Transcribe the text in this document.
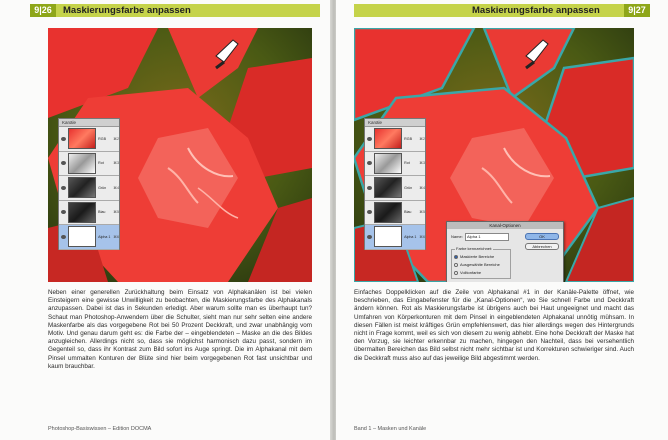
9|26	Maskierungsfarbe anpassen
Kanäle
RGB	⌘2
Rot	⌘3
Grün	⌘4
Blau	⌘5
Alpha 1 ⌘6
Neben einer generellen Zurückhaltung beim Einsatz von Alphakanälen ist bei vielen Einsteigern eine gewisse Unwilligkeit zu beobachten, die Maskierungsfarbe des Alphakanals anzupassen. Dabei ist das in Sekunden erledigt. Aber warum sollte man es überhaupt tun? Schaut man Photoshop-Anwendern über die Schulter, sieht man nur sehr selten eine andere Maskenfarbe als das vorgegebene Rot bei 50 Prozent Deckkraft, und zwar unabhängig vom Motiv. Und genau darum geht es: die Farbe der – eingeblendeten – Maske an die des Bildes anzugleichen. Allerdings nicht so, dass sie möglichst harmonisch dazu passt, sondern im Gegenteil so, dass ihr Kontrast zum Bild sofort ins Auge springt. Die im Alphakanal mit dem Pinsel ummalten Konturen der Blüte sind hier beim vorgegebenen Rot fast unsichtbar und kaum brauchbar.
Photoshop-Basiswissen – Edition DOCMA
Maskierungsfarbe anpassen	9|27
Kanäle
RGB	⌘2
Rot	⌘3
Grün	⌘4
Blau	⌘5
Alpha 1 ⌘6
Kanal-Optionen
Name:	Alpha 1	OK
Abbrechen
Farbe kennzeichnet:
Maskierte Bereiche
Ausgewählte Bereiche
Volltonfarbe
Einfaches Doppelklicken auf die Zeile von Alphakanal #1 in der Kanäle-Palette öffnet, wie beschrieben, das Eingabefenster für die „Kanal-Optionen“, wo Sie schnell Farbe und Deckkraft ändern können. Rot als Maskierungsfarbe ist übrigens auch bei Haut ungeeignet und macht das Umfahren von Körperkonturen mit dem Pinsel in eingeblendeten Alphakanal unnötig mühsam. In diesen Fällen ist meist kräftiges Grün empfehlenswert, das hier allerdings wegen des Hintergrunds nicht in Frage kommt, weil es sich von diesem zu wenig abhebt. Eine hohe Deckkraft der Maske hat den Vorzug, sie leichter erkennbar zu machen, hingegen den Nachteil, dass bei versehentlich übermalten Bereichen das Bild selbst nicht mehr sichtbar ist und Korrekturen schwieriger sind. Auch die Deckkraft muss also auf das jeweilige Bild abgestimmt werden.
Band 1 – Masken und Kanäle
